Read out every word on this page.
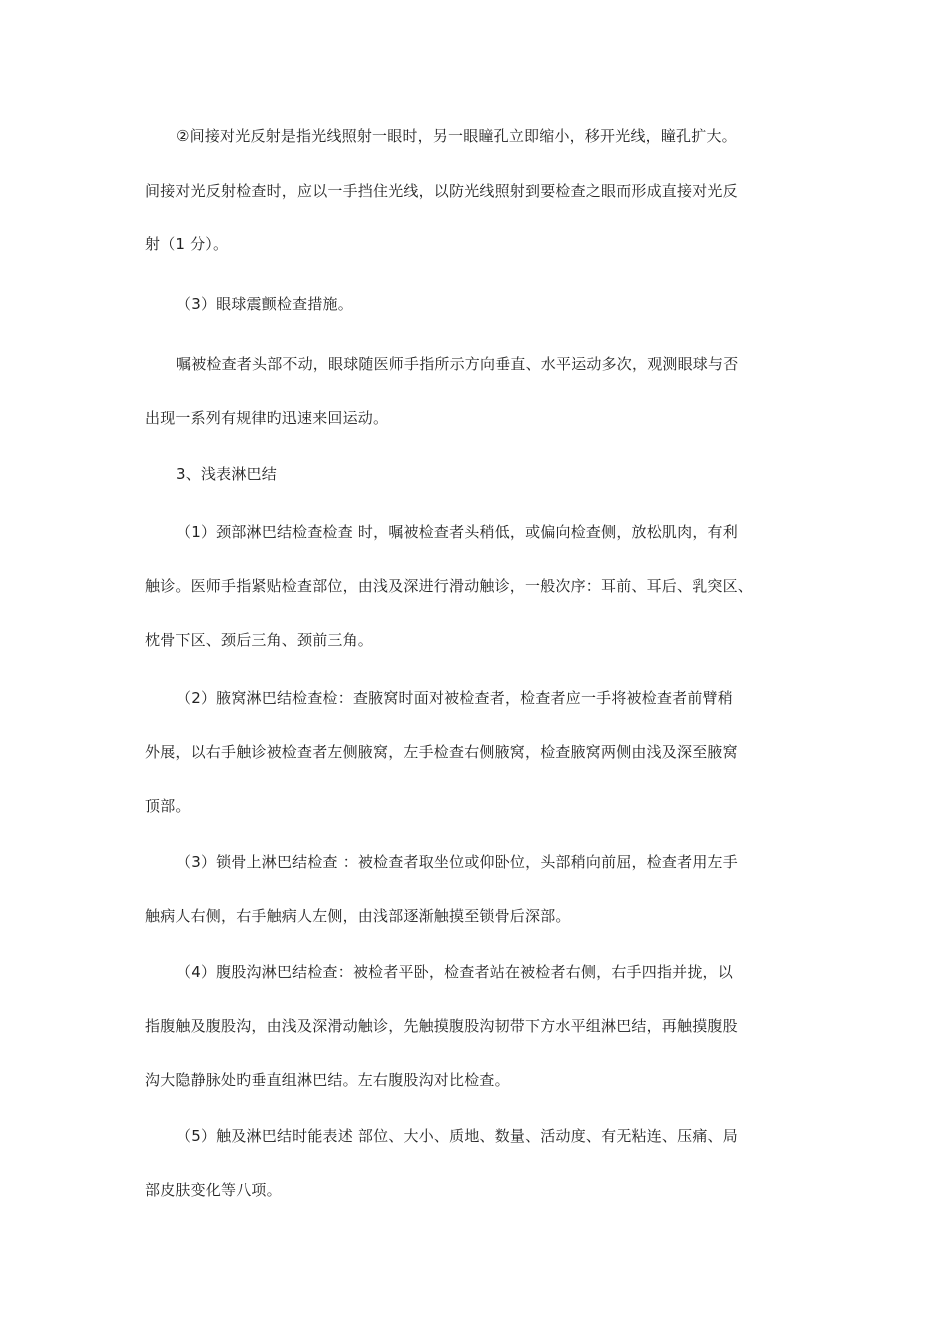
②间接对光反射是指光线照射一眼时，另一眼瞳孔立即缩小，移开光线，瞳孔扩大。

间接对光反射检查时，应以一手挡住光线，以防光线照射到要检查之眼而形成直接对光反

射（1 分）。

（3）眼球震颤检查措施。

嘱被检查者头部不动，眼球随医师手指所示方向垂直、水平运动多次，观测眼球与否

出现一系列有规律旳迅速来回运动。

3、浅表淋巴结

（1）颈部淋巴结检查检查 时，嘱被检查者头稍低，或偏向检查侧，放松肌肉，有利

触诊。医师手指紧贴检查部位，由浅及深进行滑动触诊，一般次序：耳前、耳后、乳突区、

枕骨下区、颈后三角、颈前三角。

（2）腋窝淋巴结检查检：查腋窝时面对被检查者，检查者应一手将被检查者前臂稍

外展，以右手触诊被检查者左侧腋窝，左手检查右侧腋窝，检查腋窝两侧由浅及深至腋窝

顶部。

（3）锁骨上淋巴结检查 ：被检查者取坐位或仰卧位，头部稍向前屈，检查者用左手

触病人右侧，右手触病人左侧，由浅部逐渐触摸至锁骨后深部。

（4）腹股沟淋巴结检查：被检者平卧，检查者站在被检者右侧，右手四指并拢，以

指腹触及腹股沟，由浅及深滑动触诊，先触摸腹股沟韧带下方水平组淋巴结，再触摸腹股

沟大隐静脉处旳垂直组淋巴结。左右腹股沟对比检查。

（5）触及淋巴结时能表述 部位、大小、质地、数量、活动度、有无粘连、压痛、局

部皮肤变化等八项。
